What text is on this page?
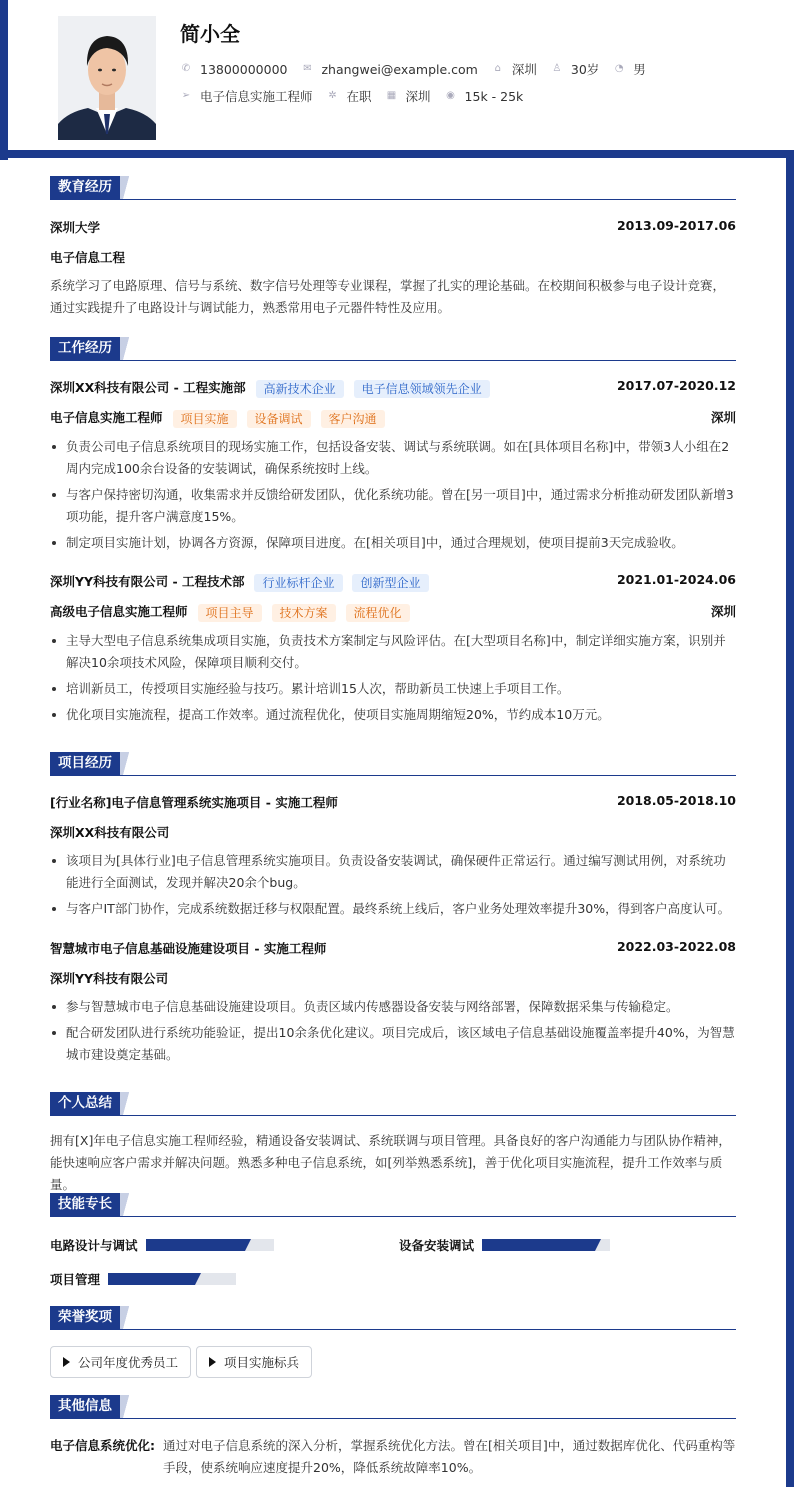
简小全
✆ 13800000000 ✉ zhangwei@example.com ⌂ 深圳 ♙ 30岁 ◔ 男
➢ 电子信息实施工程师 ✲ 在职 ▦ 深圳 ◉ 15k - 25k
教育经历
深圳大学	2013.09-2017.06
电子信息工程
系统学习了电路原理、信号与系统、数字信号处理等专业课程，掌握了扎实的理论基础。在校期间积极参与电子设计竞赛，通过实践提升了电路设计与调试能力，熟悉常用电子元器件特性及应用。
工作经历
深圳XX科技有限公司 - 工程实施部 高新技术企业 电子信息领域领先企业	2017.07-2020.12
电子信息实施工程师 项目实施 设备调试 客户沟通	深圳
负责公司电子信息系统项目的现场实施工作，包括设备安装、调试与系统联调。如在[具体项目名称]中，带领3人小组在2周内完成100余台设备的安装调试，确保系统按时上线。
与客户保持密切沟通，收集需求并反馈给研发团队，优化系统功能。曾在[另一项目]中，通过需求分析推动研发团队新增3项功能，提升客户满意度15%。
制定项目实施计划，协调各方资源，保障项目进度。在[相关项目]中，通过合理规划，使项目提前3天完成验收。
深圳YY科技有限公司 - 工程技术部 行业标杆企业 创新型企业	2021.01-2024.06
高级电子信息实施工程师 项目主导 技术方案 流程优化	深圳
主导大型电子信息系统集成项目实施，负责技术方案制定与风险评估。在[大型项目名称]中，制定详细实施方案，识别并解决10余项技术风险，保障项目顺利交付。
培训新员工，传授项目实施经验与技巧。累计培训15人次，帮助新员工快速上手项目工作。
优化项目实施流程，提高工作效率。通过流程优化，使项目实施周期缩短20%，节约成本10万元。
项目经历
[行业名称]电子信息管理系统实施项目 - 实施工程师	2018.05-2018.10
深圳XX科技有限公司
该项目为[具体行业]电子信息管理系统实施项目。负责设备安装调试，确保硬件正常运行。通过编写测试用例，对系统功能进行全面测试，发现并解决20余个bug。
与客户IT部门协作，完成系统数据迁移与权限配置。最终系统上线后，客户业务处理效率提升30%，得到客户高度认可。
智慧城市电子信息基础设施建设项目 - 实施工程师	2022.03-2022.08
深圳YY科技有限公司
参与智慧城市电子信息基础设施建设项目。负责区域内传感器设备安装与网络部署，保障数据采集与传输稳定。
配合研发团队进行系统功能验证，提出10余条优化建议。项目完成后，该区域电子信息基础设施覆盖率提升40%，为智慧城市建设奠定基础。
个人总结
拥有[X]年电子信息实施工程师经验，精通设备安装调试、系统联调与项目管理。具备良好的客户沟通能力与团队协作精神，能快速响应客户需求并解决问题。熟悉多种电子信息系统，如[列举熟悉系统]，善于优化项目实施流程，提升工作效率与质量。
技能专长
电路设计与调试	设备安装调试
项目管理
荣誉奖项
公司年度优秀员工	项目实施标兵
其他信息
电子信息系统优化: 通过对电子信息系统的深入分析，掌握系统优化方法。曾在[相关项目]中，通过数据库优化、代码重构等手段，使系统响应速度提升20%，降低系统故障率10%。
